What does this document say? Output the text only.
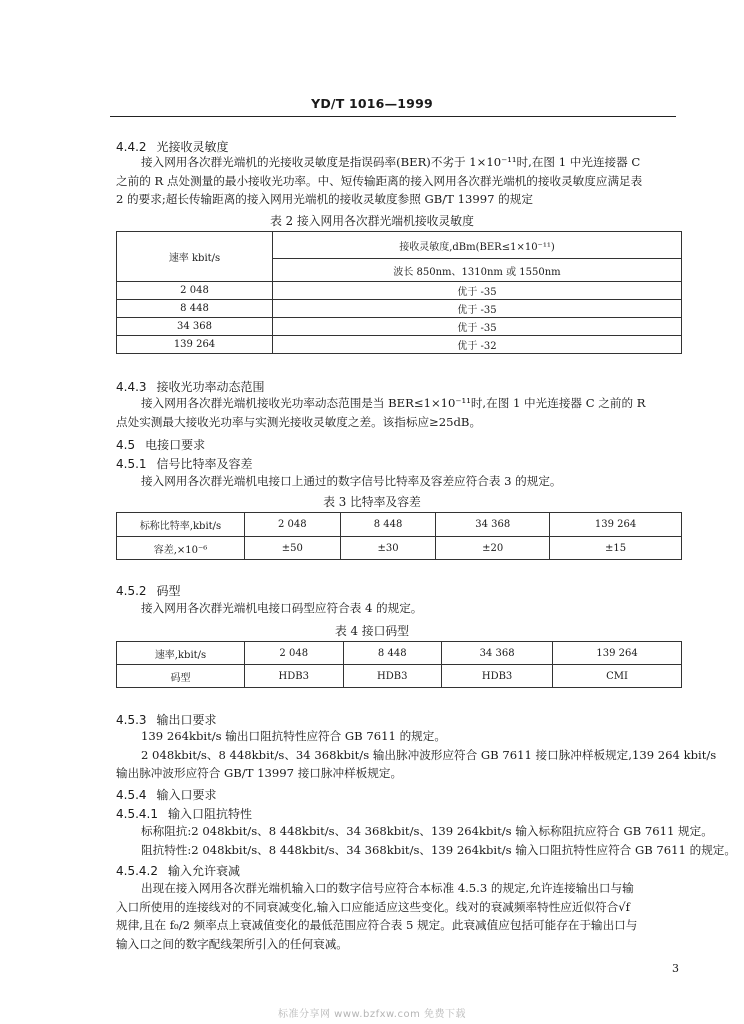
YD/T 1016—1999
4.4.2 光接收灵敏度
接入网用各次群光端机的光接收灵敏度是指误码率(BER)不劣于 1×10⁻¹¹时,在图 1 中光连接器 C
之前的 R 点处测量的最小接收光功率。中、短传输距离的接入网用各次群光端机的接收灵敏度应满足表
2 的要求;超长传输距离的接入网用光端机的接收灵敏度参照 GB/T 13997 的规定
表 2 接入网用各次群光端机接收灵敏度
速率 kbit/s	接收灵敏度,dBm(BER≤1×10⁻¹¹)
	波长 850nm、1310nm 或 1550nm
2 048	优于 -35
8 448	优于 -35
34 368	优于 -35
139 264	优于 -32
4.4.3 接收光功率动态范围
接入网用各次群光端机接收光功率动态范围是当 BER≤1×10⁻¹¹时,在图 1 中光连接器 C 之前的 R
点处实测最大接收光功率与实测光接收灵敏度之差。该指标应≥25dB。
4.5 电接口要求
4.5.1 信号比特率及容差
接入网用各次群光端机电接口上通过的数字信号比特率及容差应符合表 3 的规定。
表 3 比特率及容差
标称比特率,kbit/s	2 048	8 448	34 368	139 264
容差,×10⁻⁶	±50	±30	±20	±15
4.5.2 码型
接入网用各次群光端机电接口码型应符合表 4 的规定。
表 4 接口码型
速率,kbit/s	2 048	8 448	34 368	139 264
码型	HDB3	HDB3	HDB3	CMI
4.5.3 输出口要求
139 264kbit/s 输出口阻抗特性应符合 GB 7611 的规定。
2 048kbit/s、8 448kbit/s、34 368kbit/s 输出脉冲波形应符合 GB 7611 接口脉冲样板规定,139 264 kbit/s
输出脉冲波形应符合 GB/T 13997 接口脉冲样板规定。
4.5.4 输入口要求
4.5.4.1 输入口阻抗特性
标称阻抗:2 048kbit/s、8 448kbit/s、34 368kbit/s、139 264kbit/s 输入标称阻抗应符合 GB 7611 规定。
阻抗特性:2 048kbit/s、8 448kbit/s、34 368kbit/s、139 264kbit/s 输入口阻抗特性应符合 GB 7611 的规定。
4.5.4.2 输入允许衰减
出现在接入网用各次群光端机输入口的数字信号应符合本标准 4.5.3 的规定,允许连接输出口与输
入口所使用的连接线对的不同衰减变化,输入口应能适应这些变化。线对的衰减频率特性应近似符合√f
规律,且在 f₀/2 频率点上衰减值变化的最低范围应符合表 5 规定。此衰减值应包括可能存在于输出口与
输入口之间的数字配线架所引入的任何衰减。
3
标准分享网 www.bzfxw.com 免费下载
